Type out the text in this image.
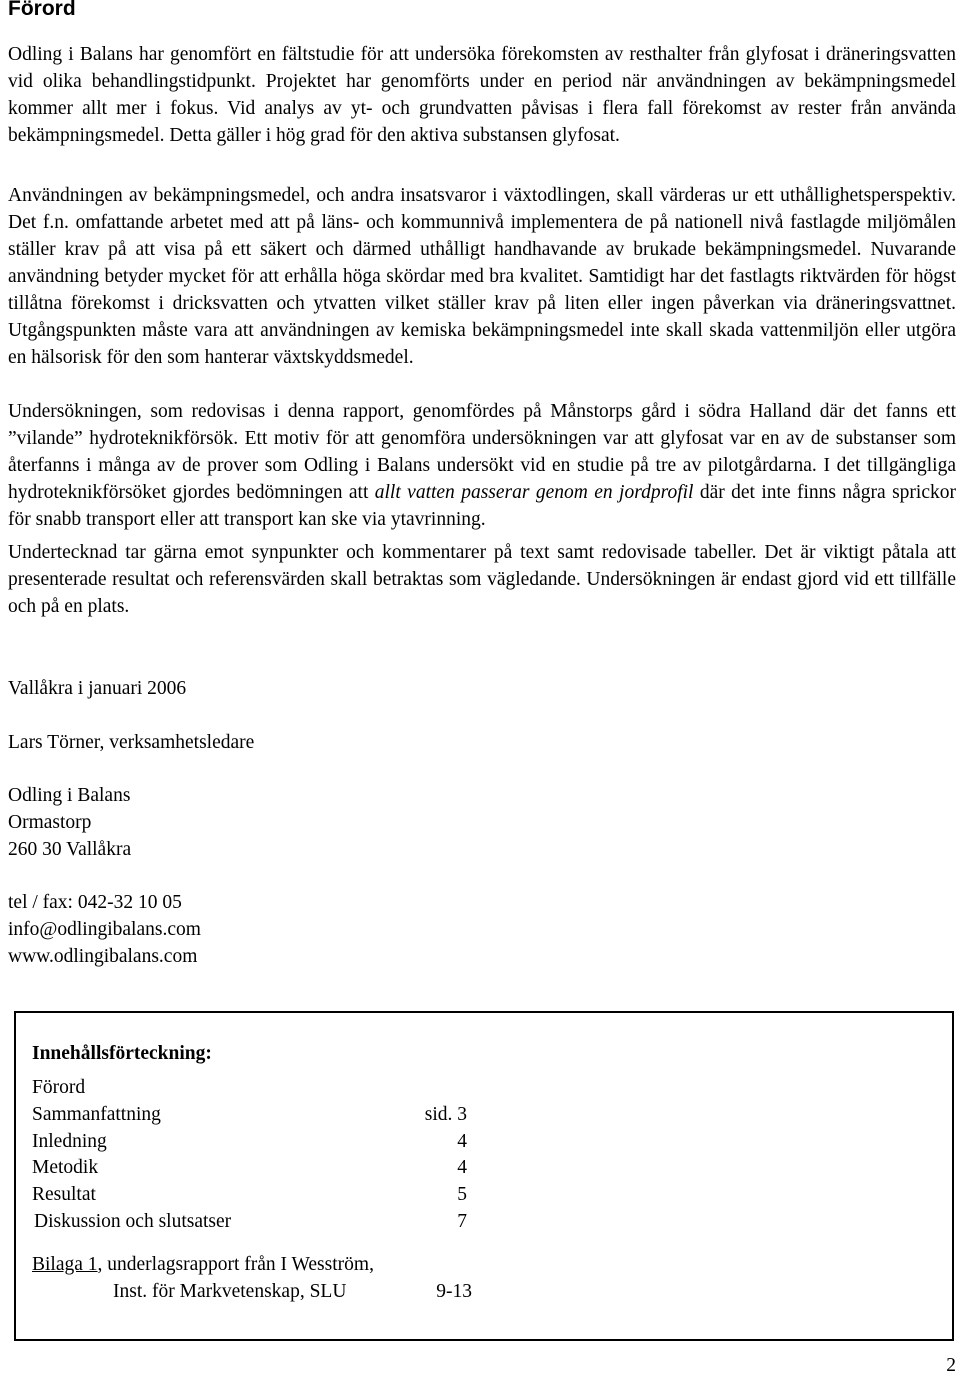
Förord

Odling i Balans har genomfört en fältstudie för att undersöka förekomsten av resthalter från glyfosat i dräneringsvatten vid olika behandlingstidpunkt. Projektet har genomförts under en period när användningen av bekämpningsmedel kommer allt mer i fokus. Vid analys av yt- och grundvatten påvisas i flera fall förekomst av rester från använda bekämpningsmedel. Detta gäller i hög grad för den aktiva substansen glyfosat.

Användningen av bekämpningsmedel, och andra insatsvaror i växtodlingen, skall värderas ur ett uthållighetsperspektiv. Det f.n. omfattande arbetet med att på läns- och kommunnivå implementera de på nationell nivå fastlagde miljömålen ställer krav på att visa på ett säkert och därmed uthålligt handhavande av brukade bekämpningsmedel. Nuvarande användning betyder mycket för att erhålla höga skördar med bra kvalitet. Samtidigt har det fastlagts riktvärden för högst tillåtna förekomst i dricksvatten och ytvatten vilket ställer krav på liten eller ingen påverkan via dräneringsvattnet. Utgångspunkten måste vara att användningen av kemiska bekämpningsmedel inte skall skada vattenmiljön eller utgöra en hälsorisk för den som hanterar växtskyddsmedel.

Undersökningen, som redovisas i denna rapport, genomfördes på Månstorps gård i södra Halland där det fanns ett ”vilande” hydroteknikförsök. Ett motiv för att genomföra undersökningen var att glyfosat var en av de substanser som återfanns i många av de prover som Odling i Balans undersökt vid en studie på tre av pilotgårdarna. I det tillgängliga hydroteknikförsöket gjordes bedömningen att allt vatten passerar genom en jordprofil där det inte finns några sprickor för snabb transport eller att transport kan ske via ytavrinning.

Undertecknad tar gärna emot synpunkter och kommentarer på text samt redovisade tabeller. Det är viktigt påtala att presenterade resultat och referensvärden skall betraktas som vägledande. Undersökningen är endast gjord vid ett tillfälle och på en plats.

Vallåkra i januari 2006

Lars Törner, verksamhetsledare

Odling i Balans

Ormastorp

260 30 Vallåkra

tel / fax: 042-32 10 05

info@odlingibalans.com

www.odlingibalans.com

Innehållsförteckning:

Förord

Sammanfattning	sid. 3

Inledning	4

Metodik	4

Resultat	5

Diskussion och slutsatser	7

Bilaga 1, underlagsrapport från I Wesström,

Inst. för Markvetenskap, SLU	9-13

2
